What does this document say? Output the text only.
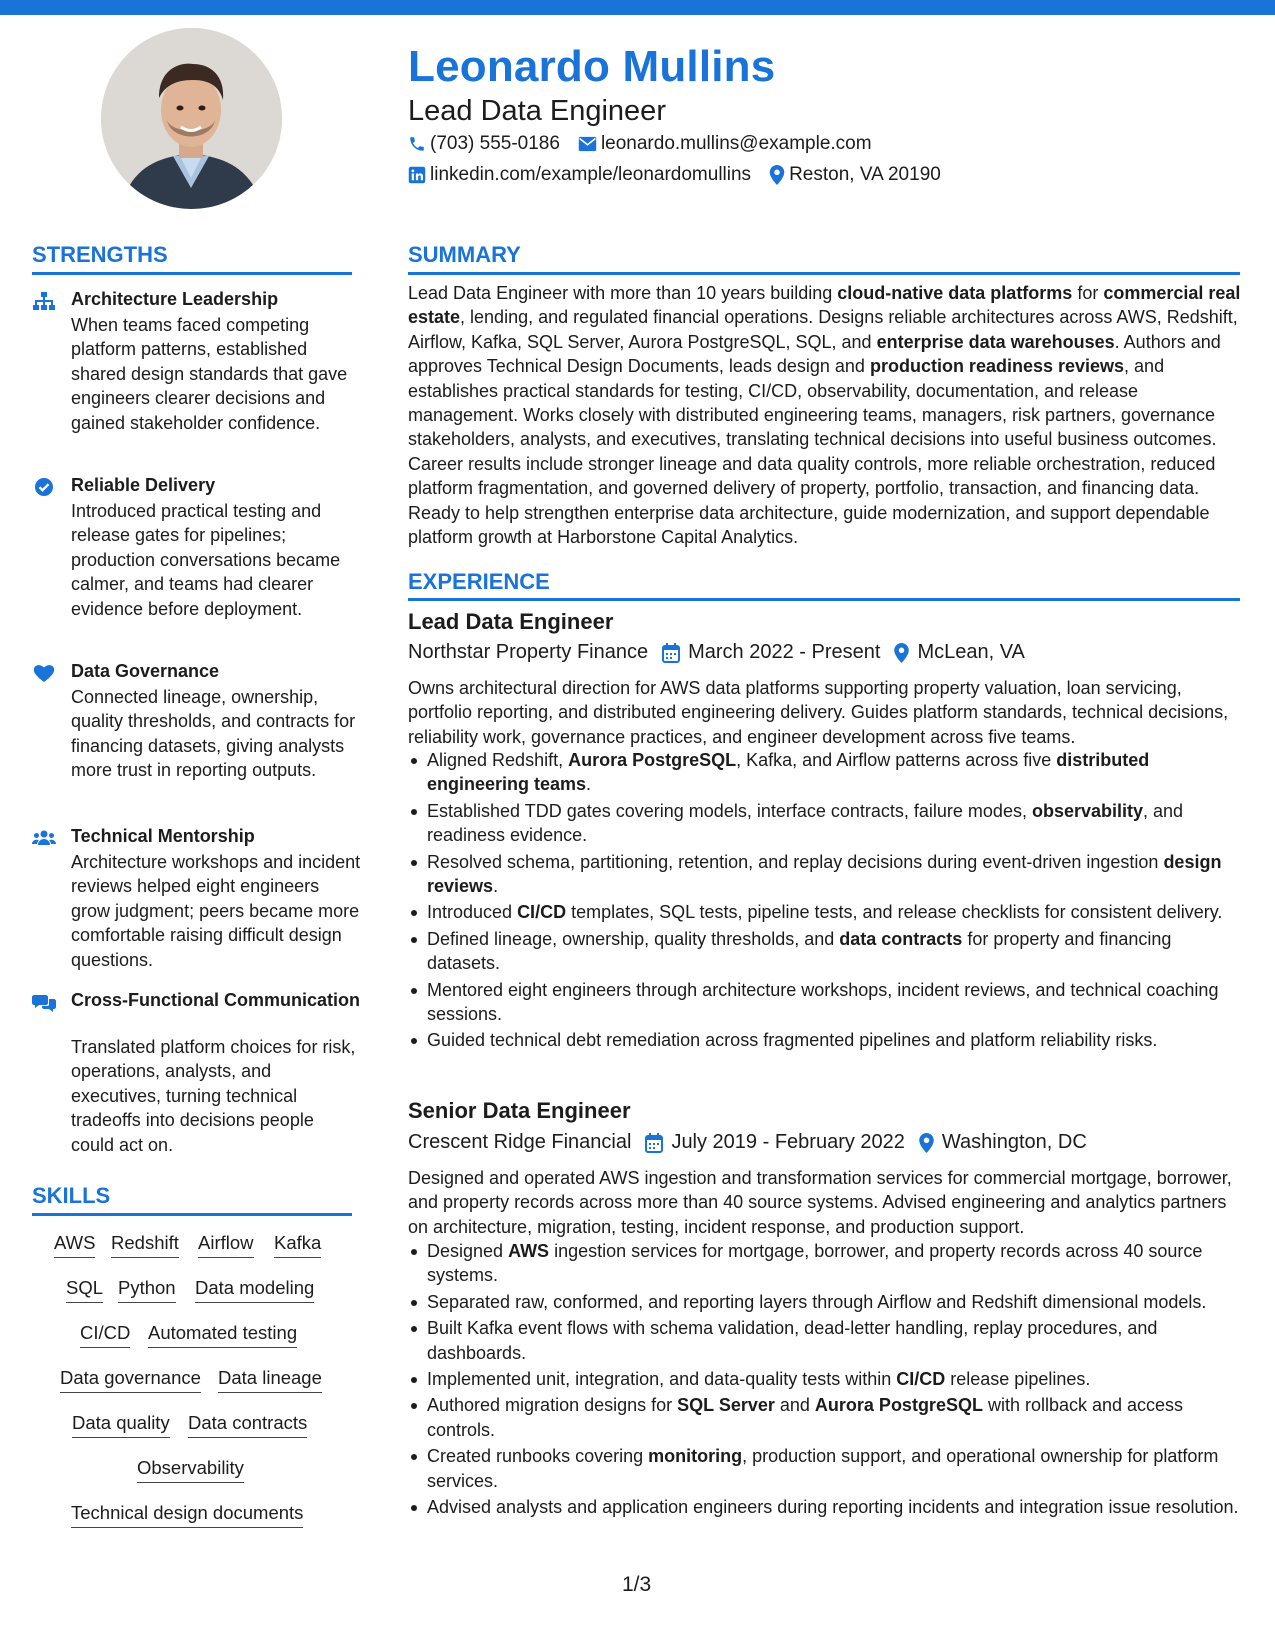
Leonardo Mullins
Lead Data Engineer
(703) 555-0186 leonardo.mullins@example.com
linkedin.com/example/leonardomullins Reston, VA 20190
STRENGTHS
Architecture Leadership
When teams faced competing platform patterns, established shared design standards that gave engineers clearer decisions and gained stakeholder confidence.
Reliable Delivery
Introduced practical testing and release gates for pipelines; production conversations became calmer, and teams had clearer evidence before deployment.
Data Governance
Connected lineage, ownership, quality thresholds, and contracts for financing datasets, giving analysts more trust in reporting outputs.
Technical Mentorship
Architecture workshops and incident reviews helped eight engineers grow judgment; peers became more comfortable raising difficult design questions.
Cross-Functional Communication
Translated platform choices for risk, operations, analysts, and executives, turning technical tradeoffs into decisions people could act on.
SKILLS
AWS Redshift Airflow Kafka
SQL Python Data modeling
CI/CD Automated testing
Data governance Data lineage
Data quality Data contracts
Observability
Technical design documents
SUMMARY
Lead Data Engineer with more than 10 years building cloud-native data platforms for commercial real estate, lending, and regulated financial operations. Designs reliable architectures across AWS, Redshift, Airflow, Kafka, SQL Server, Aurora PostgreSQL, SQL, and enterprise data warehouses. Authors and approves Technical Design Documents, leads design and production readiness reviews, and establishes practical standards for testing, CI/CD, observability, documentation, and release management. Works closely with distributed engineering teams, managers, risk partners, governance stakeholders, analysts, and executives, translating technical decisions into useful business outcomes. Career results include stronger lineage and data quality controls, more reliable orchestration, reduced platform fragmentation, and governed delivery of property, portfolio, transaction, and financing data. Ready to help strengthen enterprise data architecture, guide modernization, and support dependable platform growth at Harborstone Capital Analytics.
EXPERIENCE
Lead Data Engineer
Northstar Property Finance March 2022 - Present McLean, VA
Owns architectural direction for AWS data platforms supporting property valuation, loan servicing, portfolio reporting, and distributed engineering delivery. Guides platform standards, technical decisions, reliability work, governance practices, and engineer development across five teams.
Aligned Redshift, Aurora PostgreSQL, Kafka, and Airflow patterns across five distributed engineering teams.
Established TDD gates covering models, interface contracts, failure modes, observability, and readiness evidence.
Resolved schema, partitioning, retention, and replay decisions during event-driven ingestion design reviews.
Introduced CI/CD templates, SQL tests, pipeline tests, and release checklists for consistent delivery.
Defined lineage, ownership, quality thresholds, and data contracts for property and financing datasets.
Mentored eight engineers through architecture workshops, incident reviews, and technical coaching sessions.
Guided technical debt remediation across fragmented pipelines and platform reliability risks.
Senior Data Engineer
Crescent Ridge Financial July 2019 - February 2022 Washington, DC
Designed and operated AWS ingestion and transformation services for commercial mortgage, borrower, and property records across more than 40 source systems. Advised engineering and analytics partners on architecture, migration, testing, incident response, and production support.
Designed AWS ingestion services for mortgage, borrower, and property records across 40 source systems.
Separated raw, conformed, and reporting layers through Airflow and Redshift dimensional models.
Built Kafka event flows with schema validation, dead-letter handling, replay procedures, and dashboards.
Implemented unit, integration, and data-quality tests within CI/CD release pipelines.
Authored migration designs for SQL Server and Aurora PostgreSQL with rollback and access controls.
Created runbooks covering monitoring, production support, and operational ownership for platform services.
Advised analysts and application engineers during reporting incidents and integration issue resolution.
1/3
